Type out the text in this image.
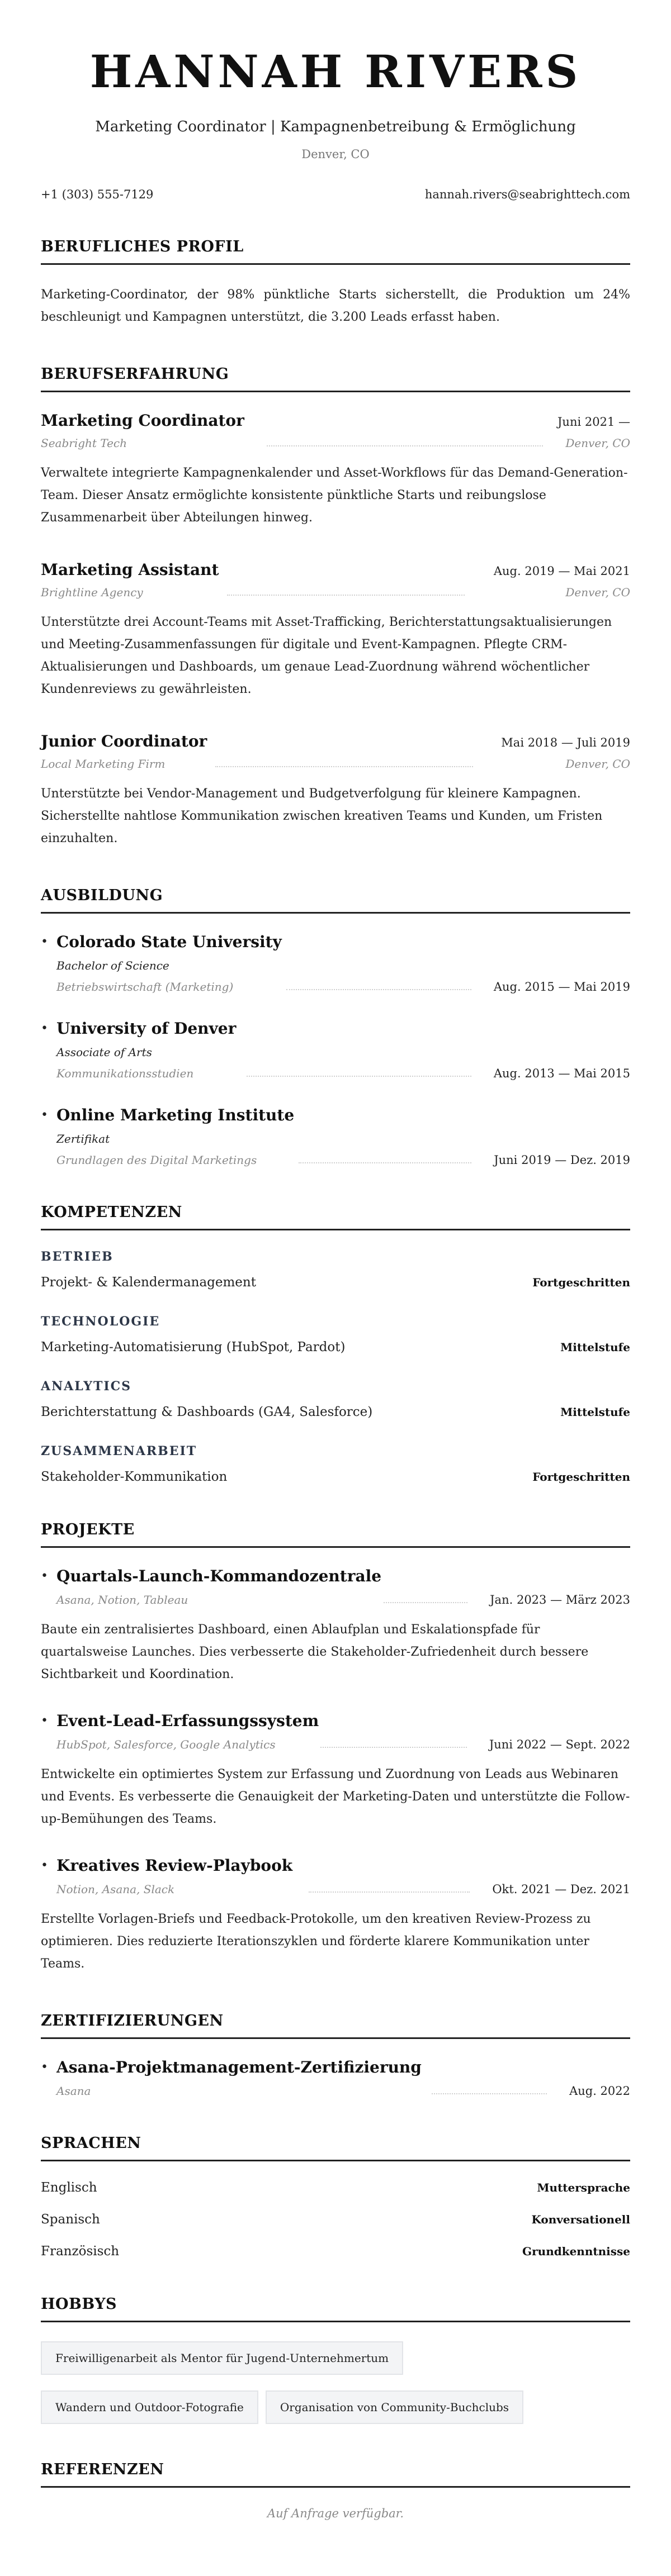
HANNAH RIVERS
Marketing Coordinator | Kampagnenbetreibung & Ermöglichung
Denver, CO
+1 (303) 555-7129	hannah.rivers@seabrighttech.com
BERUFLICHES PROFIL

Marketing-Coordinator, der 98% pünktliche Starts sicherstellt, die Produktion um 24% beschleunigt und Kampagnen unterstützt, die 3.200 Leads erfasst haben.

BERUFSERFAHRUNG
Marketing Coordinator	Juni 2021 —
Seabright Tech	Denver, CO

Verwaltete integrierte Kampagnenkalender und Asset-Workflows für das Demand-Generation-Team. Dieser Ansatz ermöglichte konsistente pünktliche Starts und reibungslose Zusammenarbeit über Abteilungen hinweg.

Marketing Assistant	Aug. 2019 — Mai 2021
Brightline Agency	Denver, CO

Unterstützte drei Account-Teams mit Asset-Trafficking, Berichterstattungsaktualisierungen und Meeting-Zusammenfassungen für digitale und Event-Kampagnen. Pflegte CRM-Aktualisierungen und Dashboards, um genaue Lead-Zuordnung während wöchentlicher Kundenreviews zu gewährleisten.

Junior Coordinator	Mai 2018 — Juli 2019
Local Marketing Firm	Denver, CO

Unterstützte bei Vendor-Management und Budgetverfolgung für kleinere Kampagnen. Sicherstellte nahtlose Kommunikation zwischen kreativen Teams und Kunden, um Fristen einzuhalten.

AUSBILDUNG
• Colorado State University
Bachelor of Science
Betriebswirtschaft (Marketing)	Aug. 2015 — Mai 2019
• University of Denver
Associate of Arts
Kommunikationsstudien	Aug. 2013 — Mai 2015
• Online Marketing Institute
Zertifikat
Grundlagen des Digital Marketings	Juni 2019 — Dez. 2019
KOMPETENZEN
BETRIEB
Projekt- & Kalendermanagement	Fortgeschritten
TECHNOLOGIE
Marketing-Automatisierung (HubSpot, Pardot)	Mittelstufe
ANALYTICS
Berichterstattung & Dashboards (GA4, Salesforce)	Mittelstufe
ZUSAMMENARBEIT
Stakeholder-Kommunikation	Fortgeschritten
PROJEKTE
• Quartals-Launch-Kommandozentrale
Asana, Notion, Tableau	Jan. 2023 — März 2023

Baute ein zentralisiertes Dashboard, einen Ablaufplan und Eskalationspfade für quartalsweise Launches. Dies verbesserte die Stakeholder-Zufriedenheit durch bessere Sichtbarkeit und Koordination.

• Event-Lead-Erfassungssystem
HubSpot, Salesforce, Google Analytics	Juni 2022 — Sept. 2022

Entwickelte ein optimiertes System zur Erfassung und Zuordnung von Leads aus Webinaren und Events. Es verbesserte die Genauigkeit der Marketing-Daten und unterstützte die Follow-up-Bemühungen des Teams.

• Kreatives Review-Playbook
Notion, Asana, Slack	Okt. 2021 — Dez. 2021

Erstellte Vorlagen-Briefs und Feedback-Protokolle, um den kreativen Review-Prozess zu optimieren. Dies reduzierte Iterationszyklen und förderte klarere Kommunikation unter Teams.

ZERTIFIZIERUNGEN
• Asana-Projektmanagement-Zertifizierung
Asana	Aug. 2022
SPRACHEN
Englisch	Muttersprache
Spanisch	Konversationell
Französisch	Grundkenntnisse
HOBBYS
Freiwilligenarbeit als Mentor für Jugend-Unternehmertum
Wandern und Outdoor-Fotografie	Organisation von Community-Buchclubs
REFERENZEN

Auf Anfrage verfügbar.
